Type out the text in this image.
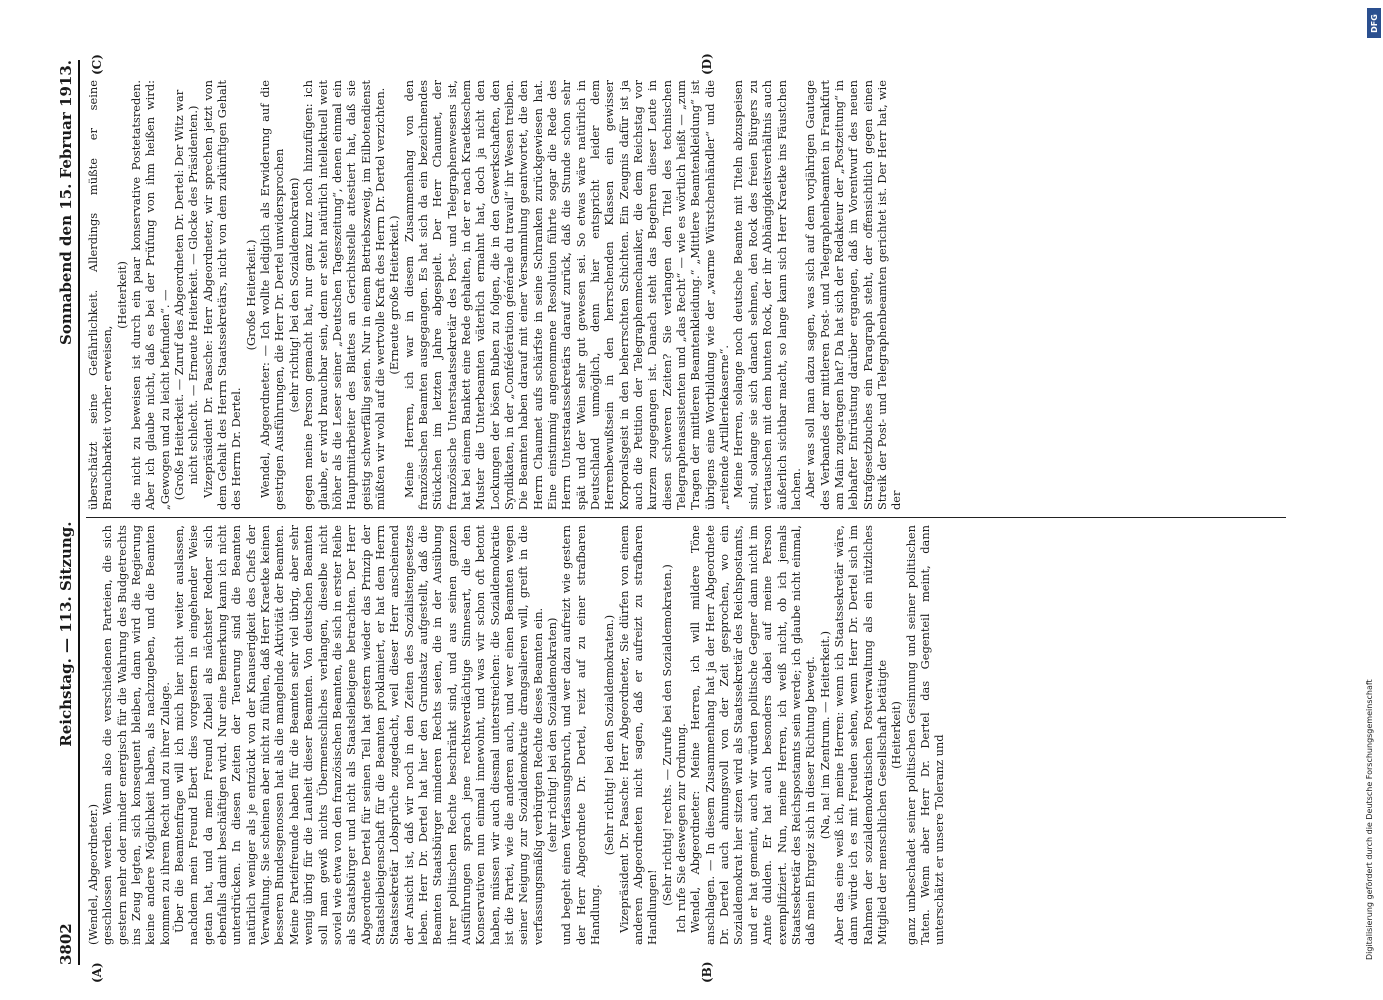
3802
Reichstag. — 113. Sitzung.
Sonnabend den 15. Februar 1913.
(A)	(B)
(C)	(D)

(Wendel, Abgeordneter.) geschlossen werden. Wenn also die verschiedenen Parteien, die sich gestern mehr oder minder energisch für die Wahrung des Budgetrechts ins Zeug legten, sich konsequent bleiben, dann wird die Regierung keine andere Möglichkeit haben, als nachzugeben, und die Beamten kommen zu ihrem Recht und zu ihrer Zulage. Über die Beamtenfrage will ich mich hier nicht weiter auslassen, nachdem mein Freund Ebert dies vorgestern in eingehender Weise getan hat, und da mein Freund Zubeil als nächster Redner sich ebenfalls damit beschäftigen wird. Nur eine Bemerkung kann ich nicht unterdrücken. In diesen Zeiten der Teuerung sind die Beamten natürlich weniger als je entzückt von der Knauserigkeit des Chefs der Verwaltung. Sie scheinen aber nicht zu fühlen, daß Herr Kraetke keinen besseren Bundesgenossen hat als die mangelnde Aktivität der Beamten. Meine Parteifreunde haben für die Beamten sehr viel übrig, aber sehr wenig übrig für die Lauheit dieser Beamten. Von deutschen Beamten soll man gewiß nichts Übermenschliches verlangen, dieselbe nicht soviel wie etwa von den französischen Beamten, die sich in erster Reihe als Staatsbürger und nicht als Staatsleibeigene betrachten. Der Herr Abgeordnete Dertel für seinen Teil hat gestern wieder das Prinzip der Staatsleibeigenschaft für die Beamten proklamiert, er hat dem Herrn Staatssekretär Lobsprüche zugedacht, weil dieser Herr anscheinend der Ansicht ist, daß wir noch in den Zeiten des Sozialistengesetzes leben. Herr Dr. Dertel hat hier den Grundsatz aufgestellt, daß die Beamten Staatsbürger minderen Rechts seien, die in der Ausübung ihrer politischen Rechte beschränkt sind, und aus seinen ganzen Ausführungen sprach jene rechtsverdächtige Sinnesart, die den Konservativen nun einmal innewohnt, und was wir schon oft betont haben, müssen wir auch diesmal unterstreichen: die Sozialdemokratie ist die Partei, wie die anderen auch, und wer einen Beamten wegen seiner Neigung zur Sozialdemokratie drangsalieren will, greift in die verfassungsmäßig verbürgten Rechte dieses Beamten ein. (sehr richtig! bei den Sozialdemokraten) und begeht einen Verfassungsbruch, und wer dazu aufreizt wie gestern der Herr Abgeordnete Dr. Dertel, reizt auf zu einer strafbaren Handlung.

(Sehr richtig! bei den Sozialdemokraten.) Vizepräsident Dr. Paasche: Herr Abgeordneter, Sie dürfen von einem anderen Abgeordneten nicht sagen, daß er aufreizt zu strafbaren Handlungen!

(Sehr richtig! rechts. — Zurufe bei den Sozialdemokraten.) Ich rufe Sie deswegen zur Ordnung. Wendel, Abgeordneter: Meine Herren, ich will mildere Töne anschlagen. — In diesem Zusammenhang hat ja der Herr Abgeordnete Dr. Dertel auch ahnungsvoll von der Zeit gesprochen, wo ein Sozialdemokrat hier sitzen wird als Staatssekretär des Reichspostamts, und er hat gemeint, auch wir würden politische Gegner dann nicht im Amte dulden. Er hat auch besonders dabei auf meine Person exemplifiziert. Nun, meine Herren, ich weiß nicht, ob ich jemals Staatssekretär des Reichspostamts sein werde; ich glaube nicht einmal, daß mein Ehrgeiz sich in dieser Richtung bewegt. (Na, na! im Zentrum. — Heiterkeit.) Aber das eine weiß ich, meine Herren: wenn ich Staatssekretär wäre, dann würde ich es mit Freuden sehen, wenn Herr Dr. Dertel sich im Rahmen der sozialdemokratischen Postverwaltung als ein nützliches Mitglied der menschlichen Gesellschaft betätigte (Heiterkeit) ganz unbeschadet seiner politischen Gesinnung und seiner politischen Taten. Wenn aber Herr Dr. Dertel das Gegenteil meint, dann unterschätzt er unsere Toleranz und

überschätzt seine Gefährlichkeit. Allerdings müßte er seine Brauchbarkeit vorher erweisen,

(Heiterkeit) die nicht zu beweisen ist durch ein paar konservative Postetatsreden. Aber ich glaube nicht, daß es bei der Prüfung von ihm heißen wird: „Gewogen und zu leicht befunden“. — (Große Heiterkeit. — Zuruf des Abgeordneten Dr. Dertel: Der Witz war nicht schlecht. — Erneute Heiterkeit. — Glocke des Präsidenten.) Vizepräsident Dr. Paasche: Herr Abgeordneter, wir sprechen jetzt von dem Gehalt des Herrn Staatssekretärs, nicht von dem zukünftigen Gehalt des Herrn Dr. Dertel.

(Große Heiterkeit.) Wendel, Abgeordneter: — Ich wollte lediglich als Erwiderung auf die gestrigen Ausführungen, die Herr Dr. Dertel unwidersprochen (sehr richtig! bei den Sozialdemokraten) gegen meine Person gemacht hat, nur ganz kurz noch hinzufügen: ich glaube, er wird brauchbar sein, denn er steht natürlich intellektuell weit höher als die Leser seiner „Deutschen Tageszeitung“, denen einmal ein Hauptmitarbeiter des Blattes an Gerichtsstelle attestiert hat, daß sie geistig schwerfällig seien. Nur in einem Betriebszweig, im Eilbotendienst müßten wir wohl auf die wertvolle Kraft des Herrn Dr. Dertel verzichten. (Erneute große Heiterkeit.) Meine Herren, ich war in diesem Zusammenhang von den französischen Beamten ausgegangen. Es hat sich da ein bezeichnendes Stückchen im letzten Jahre abgespielt. Der Herr Chaumet, der französische Unterstaatssekretär des Post- und Telegraphenwesens ist, hat bei einem Bankett eine Rede gehalten, in der er nach Kraetkeschem Muster die Unterbeamten väterlich ermahnt hat, doch ja nicht den Lockungen der bösen Buben zu folgen, die in den Gewerkschaften, den Syndikaten, in der „Confédération générale du travail“ ihr Wesen treiben. Die Beamten haben darauf mit einer Versammlung geantwortet, die den Herrn Chaumet aufs schärfste in seine Schranken zurückgewiesen hat. Eine einstimmig angenommene Resolution führte sogar die Rede des Herrn Unterstaatssekretärs darauf zurück, daß die Stunde schon sehr spät und der Wein sehr gut gewesen sei. So etwas wäre natürlich in Deutschland unmöglich, denn hier entspricht leider dem Herrenbewußtsein in den herrschenden Klassen ein gewisser Korporalsgeist in den beherrschten Schichten. Ein Zeugnis dafür ist ja auch die Petition der Telegraphenmechaniker, die dem Reichstag vor kurzem zugegangen ist. Danach steht das Begehren dieser Leute in diesen schweren Zeiten? Sie verlangen den Titel des technischen Telegraphenassistenten und „das Recht“ — wie es wörtlich heißt — „zum Tragen der mittleren Beamtenkleidung.“ „Mittlere Beamtenkleidung“ ist übrigens eine Wortbildung wie der „warme Würstchenhändler“ und die „reitende Artilleriekaserne“. Meine Herren, solange noch deutsche Beamte mit Titeln abzuspeisen sind, solange sie sich danach sehnen, den Rock des freien Bürgers zu vertauschen mit dem bunten Rock, der ihr Abhängigkeitsverhältnis auch äußerlich sichtbar macht, so lange kann sich Herr Kraetke ins Fäustchen lachen. Aber was soll man dazu sagen, was sich auf dem vorjährigen Gautage des Verbandes der mittleren Post- und Telegraphenbeamten in Frankfurt am Main zugetragen hat? Da hat sich der Redakteur der „Postzeitung“ in lebhafter Entrüstung darüber ergangen, daß im Vorentwurf des neuen Strafgesetzbuches ein Paragraph steht, der offensichtlich gegen einen Streik der Post- und Telegraphenbeamten gerichtet ist. Der Herr hat, wie der

DFG
Digitalisierung gefördert durch die Deutsche Forschungsgemeinschaft
